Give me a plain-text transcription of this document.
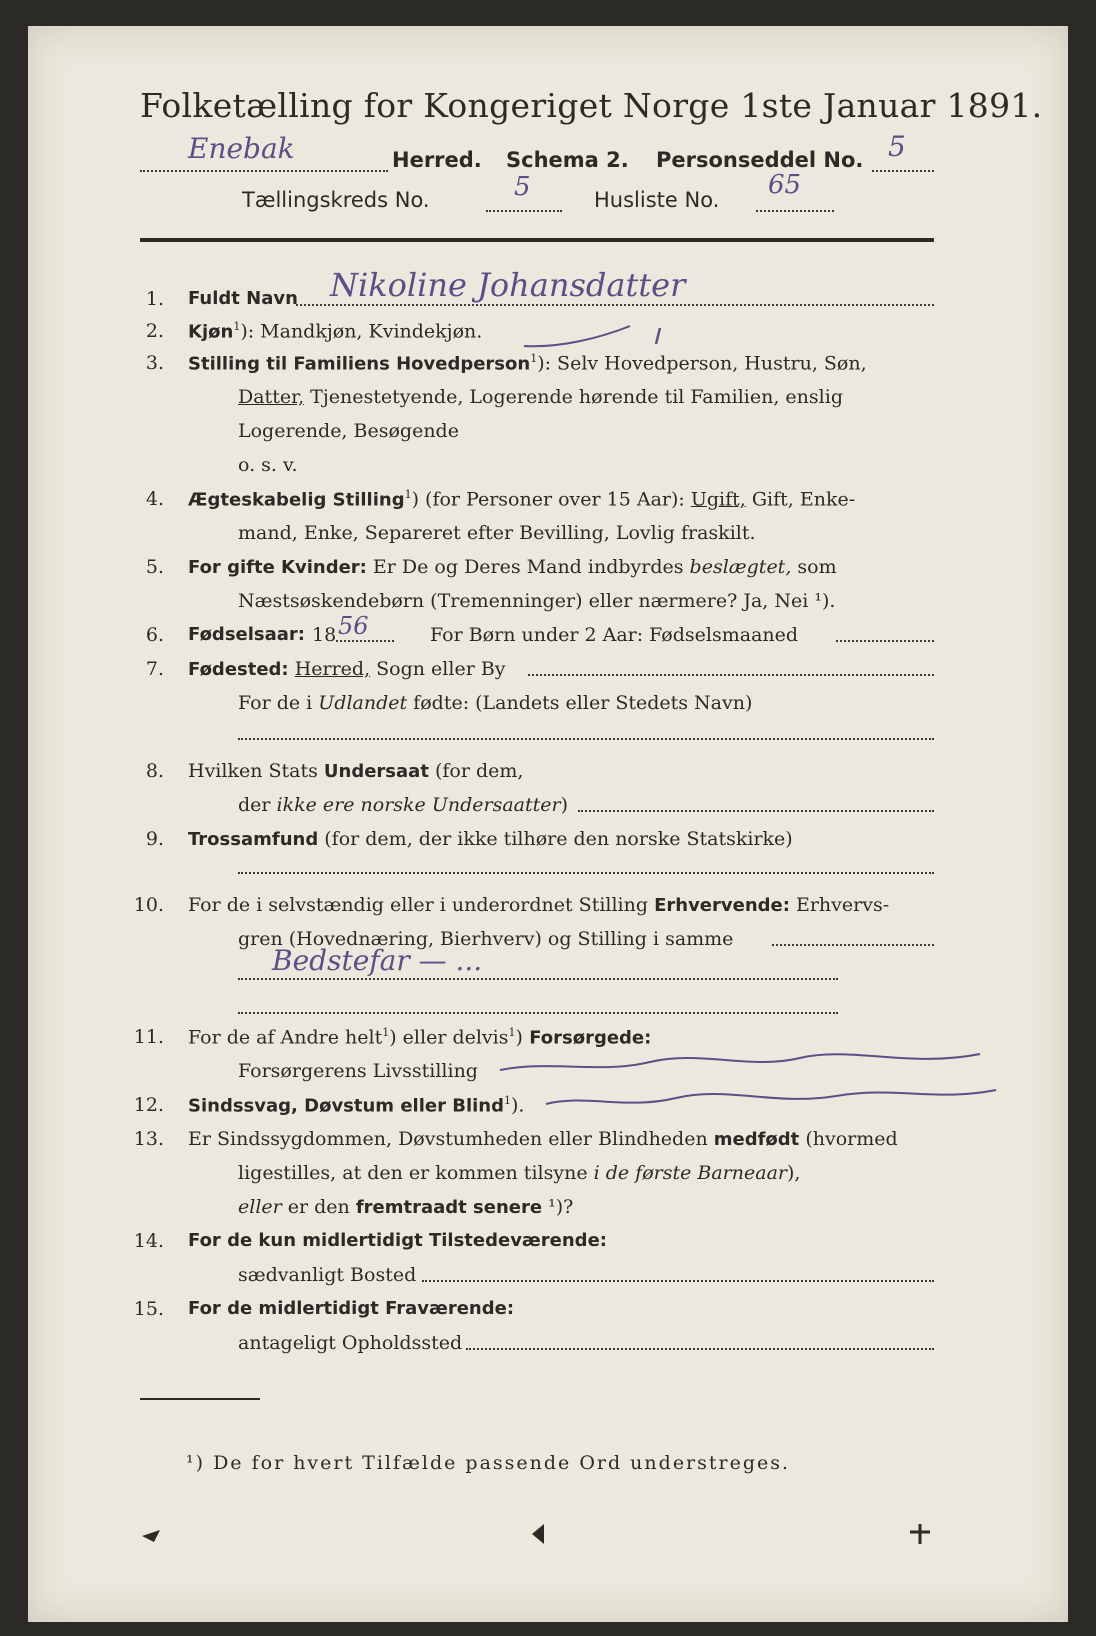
Folketælling for Kongeriget Norge 1ste Januar 1891.
Enebak	Herred. Schema 2. Personseddel No. 5
Tællingskreds No.	5	Husliste No. 65
1. Fuldt Navn Nikoline Johansdatter
2. Kjøn$^1$): Mandkjøn, Kvindekjøn.
3. Stilling til Familiens Hovedperson$^1$): Selv Hovedperson, Hustru, Søn,
Datter, Tjenestetyende, Logerende hørende til Familien, enslig
Logerende, Besøgende
o. s. v.
4. Ægteskabelig Stilling$^1$) (for Personer over 15 Aar): Ugift, Gift, Enke-
mand, Enke, Separeret efter Bevilling, Lovlig fraskilt.
5. For gifte Kvinder: Er De og Deres Mand indbyrdes beslægtet, som
Næstsøskendebørn (Tremenninger) eller nærmere? Ja, Nei ¹).
6. Fødselsaar: 18 56	For Børn under 2 Aar: Fødselsmaaned
7. Fødested: Herred, Sogn eller By
For de i Udlandet fødte: (Landets eller Stedets Navn)
8. Hvilken Stats Undersaat (for dem,
der ikke ere norske Undersaatter)
9. Trossamfund (for dem, der ikke tilhøre den norske Statskirke)
10. For de i selvstændig eller i underordnet Stilling Erhvervende: Erhvervs-
gren (Hovednæring, Bierhverv) og Stilling i samme
Bedstefar — ...
11. For de af Andre helt$^1$) eller delvis$^1$) Forsørgede:
Forsørgerens Livsstilling
12. Sindssvag, Døvstum eller Blind$^1$).
13. Er Sindssygdommen, Døvstumheden eller Blindheden medfødt (hvormed
ligestilles, at den er kommen tilsyne i de første Barneaar),
eller er den fremtraadt senere ¹)?
14. For de kun midlertidigt Tilstedeværende:
sædvanligt Bosted
15. For de midlertidigt Fraværende:
antageligt Opholdssted
¹) De for hvert Tilfælde passende Ord understreges.
